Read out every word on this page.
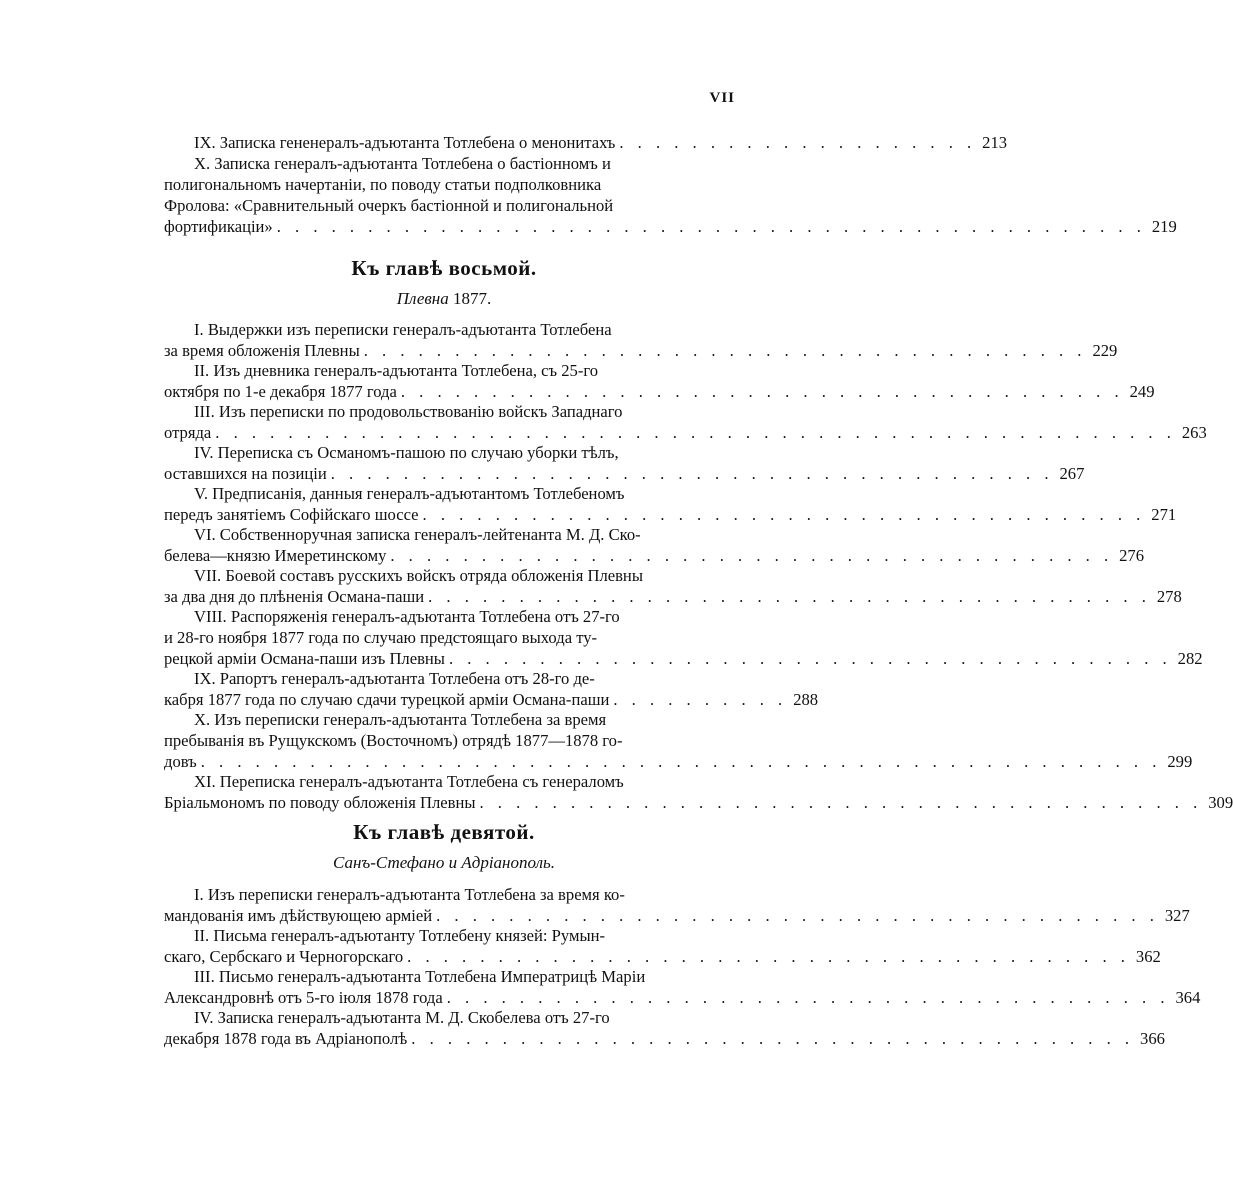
VII
IX. Записка гененералъ-адъютанта Тотлебена о менонитахъ . . . . . . . . . . . . . . . . . . . . 213

X. Записка генералъ-адъютанта Тотлебена о бастіонномъ и

полигональномъ начертаніи, по поводу статьи подполковника

Фролова: «Сравнительный очеркъ бастіонной и полигональной

фортификаціи» . . . . . . . . . . . . . . . . . . . . . . . . . . . . . . . . . . . . . . . . . . . . . . . . 219
Къ главѣ восьмой.
Плевна 1877.

I. Выдержки изъ переписки генералъ-адъютанта Тотлебена

за время обложенія Плевны . . . . . . . . . . . . . . . . . . . . . . . . . . . . . . . . . . . . . . . . 229

II. Изъ дневника генералъ-адъютанта Тотлебена, съ 25-го

октября по 1-е декабря 1877 года . . . . . . . . . . . . . . . . . . . . . . . . . . . . . . . . . . . . . . . . 249

III. Изъ переписки по продовольствованію войскъ Западнаго

отряда . . . . . . . . . . . . . . . . . . . . . . . . . . . . . . . . . . . . . . . . . . . . . . . . . . . . . 263

IV. Переписка съ Османомъ-пашою по случаю уборки тѣлъ,

оставшихся на позиціи . . . . . . . . . . . . . . . . . . . . . . . . . . . . . . . . . . . . . . . . 267

V. Предписанія, данныя генералъ-адъютантомъ Тотлебеномъ

передъ занятіемъ Софійскаго шоссе . . . . . . . . . . . . . . . . . . . . . . . . . . . . . . . . . . . . . . . . 271

VI. Собственноручная записка генералъ-лейтенанта М. Д. Ско-

белева—князю Имеретинскому . . . . . . . . . . . . . . . . . . . . . . . . . . . . . . . . . . . . . . . . 276

VII. Боевой составъ русскихъ войскъ отряда обложенія Плевны

за два дня до плѣненія Османа-паши . . . . . . . . . . . . . . . . . . . . . . . . . . . . . . . . . . . . . . . . 278

VIII. Распоряженія генералъ-адъютанта Тотлебена отъ 27-го

и 28-го ноября 1877 года по случаю предстоящаго выхода ту-

рецкой арміи Османа-паши изъ Плевны . . . . . . . . . . . . . . . . . . . . . . . . . . . . . . . . . . . . . . . . 282

IX. Рапортъ генералъ-адъютанта Тотлебена отъ 28-го де-

кабря 1877 года по случаю сдачи турецкой арміи Османа-паши . . . . . . . . . . 288

X. Изъ переписки генералъ-адъютанта Тотлебена за время

пребыванія въ Рущукскомъ (Восточномъ) отрядѣ 1877—1878 го-

довъ . . . . . . . . . . . . . . . . . . . . . . . . . . . . . . . . . . . . . . . . . . . . . . . . . . . . . 299

XI. Переписка генералъ-адъютанта Тотлебена съ генераломъ

Бріальмономъ по поводу обложенія Плевны . . . . . . . . . . . . . . . . . . . . . . . . . . . . . . . . . . . . . . . . 309
Къ главѣ девятой.
Санъ-Стефано и Адріанополь.

I. Изъ переписки генералъ-адъютанта Тотлебена за время ко-

мандованія имъ дѣйствующею арміей . . . . . . . . . . . . . . . . . . . . . . . . . . . . . . . . . . . . . . . . 327

II. Письма генералъ-адъютанту Тотлебену князей: Румын-

скаго, Сербскаго и Черногорскаго . . . . . . . . . . . . . . . . . . . . . . . . . . . . . . . . . . . . . . . . 362

III. Письмо генералъ-адъютанта Тотлебена Императрицѣ Маріи

Александровнѣ отъ 5-го іюля 1878 года . . . . . . . . . . . . . . . . . . . . . . . . . . . . . . . . . . . . . . . . 364

IV. Записка генералъ-адъютанта М. Д. Скобелева отъ 27-го

декабря 1878 года въ Адріанополѣ . . . . . . . . . . . . . . . . . . . . . . . . . . . . . . . . . . . . . . . . 366
